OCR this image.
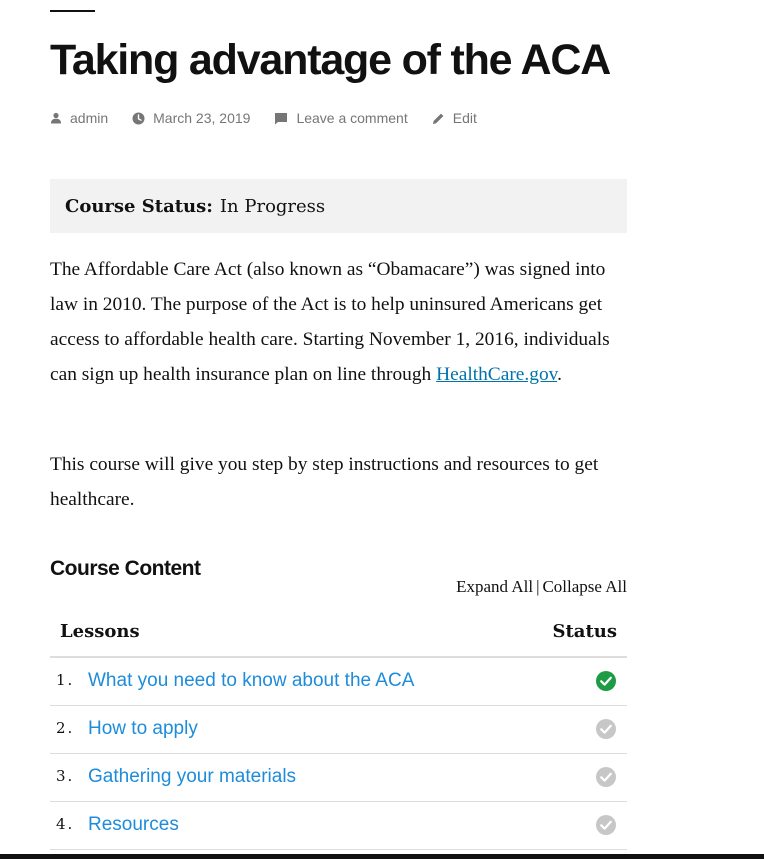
Taking advantage of the ACA
admin	March 23, 2019	Leave a comment	Edit
Course Status: In Progress

The Affordable Care Act (also known as “Obamacare”) was signed into law in 2010. The purpose of the Act is to help uninsured Americans get access to affordable health care. Starting November 1, 2016, individuals can sign up health insurance plan on line through HealthCare.gov.

This course will give you step by step instructions and resources to get healthcare.

Course Content
Expand All | Collapse All
Lessons	Status
1. What you need to know about the ACA
2. How to apply
3. Gathering your materials
4. Resources
